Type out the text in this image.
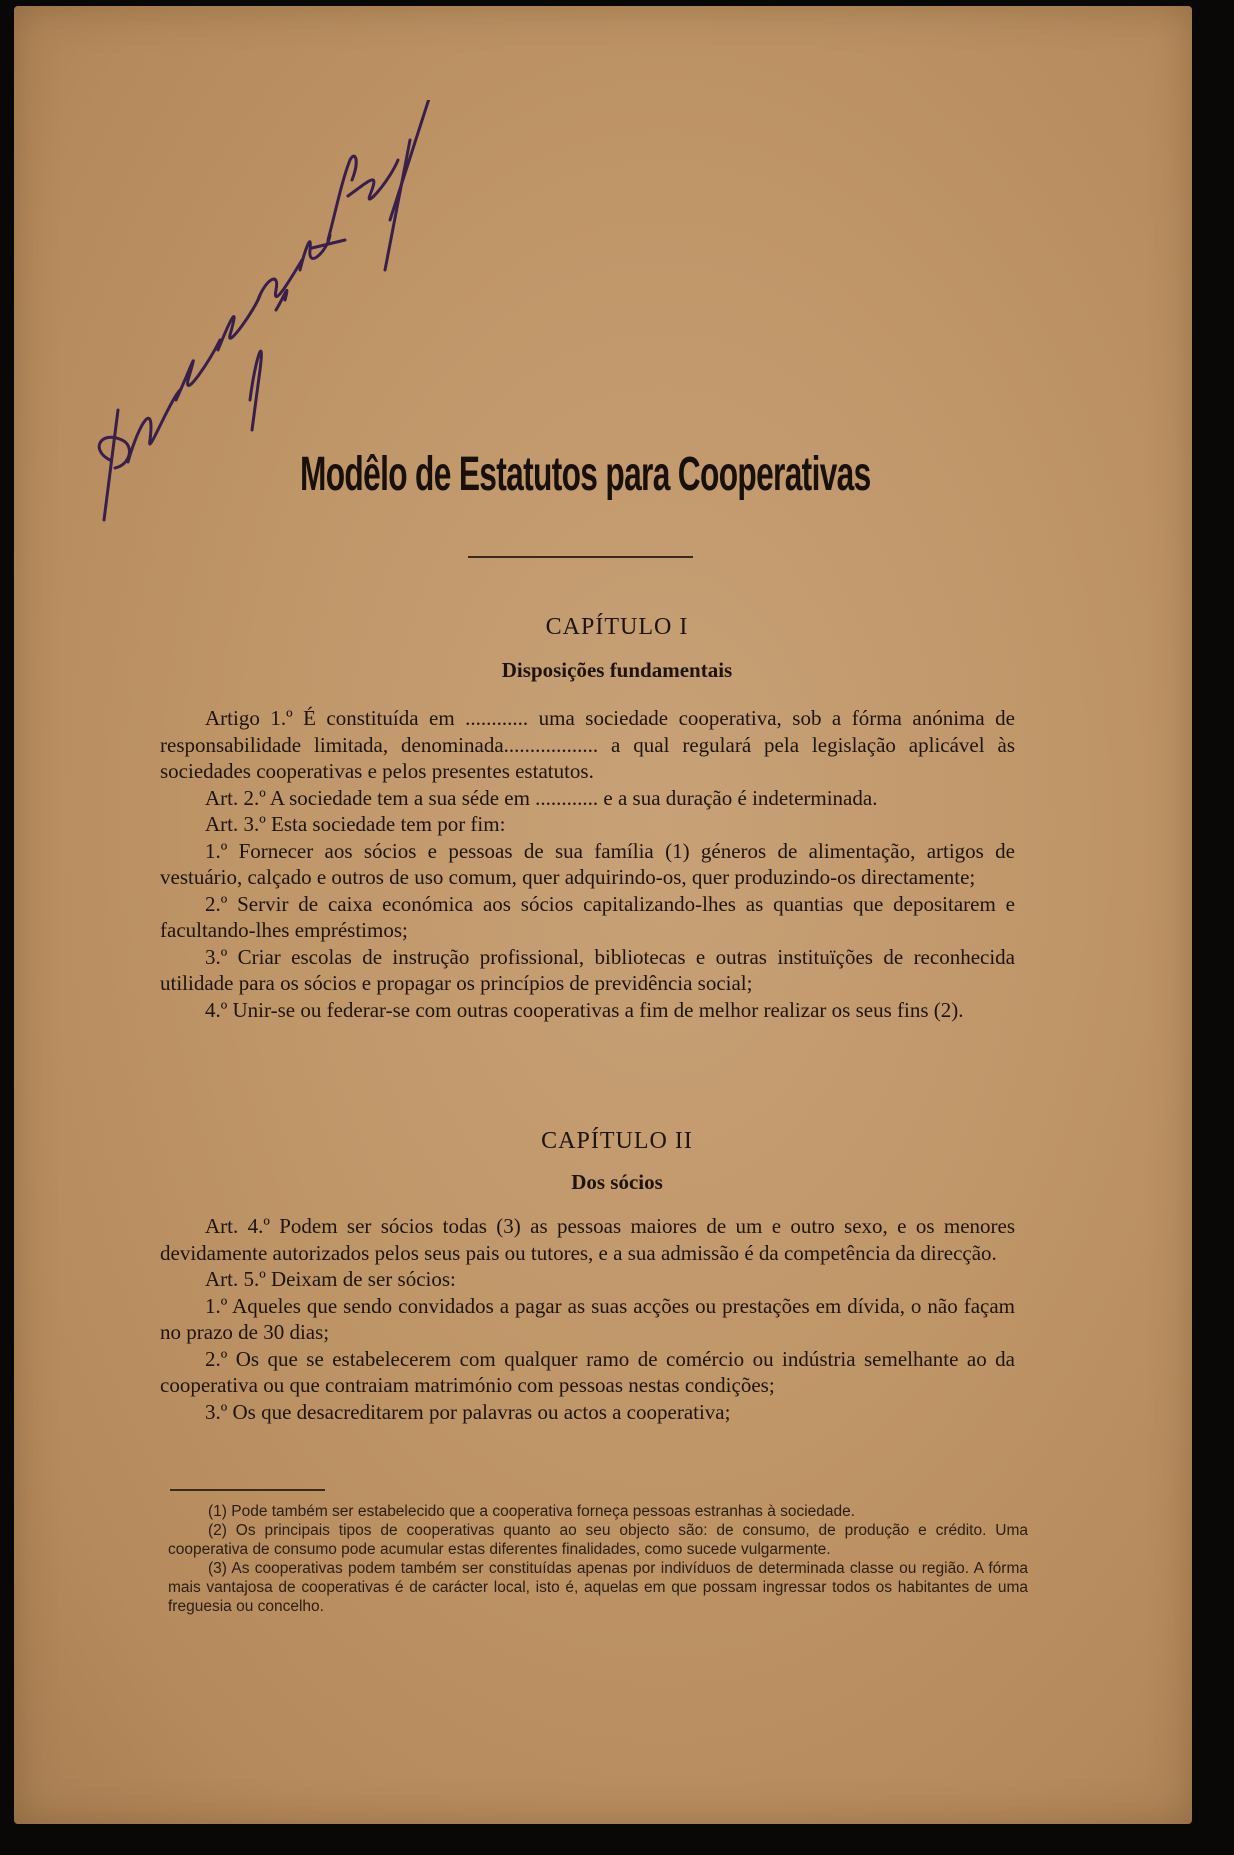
Modêlo de Estatutos para Cooperativas
CAPÍTULO I
Disposições fundamentais

Artigo 1.º É constituída em ............ uma sociedade cooperativa, sob a fórma anónima de responsabilidade limitada, denominada.................. a qual regulará pela legislação aplicável às sociedades cooperativas e pelos presentes estatutos.

Art. 2.º A sociedade tem a sua séde em ............ e a sua duração é indeterminada.

Art. 3.º Esta sociedade tem por fim:

1.º Fornecer aos sócios e pessoas de sua família (1) géneros de alimentação, artigos de vestuário, calçado e outros de uso comum, quer adquirindo-os, quer produzindo-os directamente;

2.º Servir de caixa económica aos sócios capitalizando-lhes as quantias que depositarem e facultando-lhes empréstimos;

3.º Criar escolas de instrução profissional, bibliotecas e outras instituïções de reconhecida utilidade para os sócios e propagar os princípios de previdência social;

4.º Unir-se ou federar-se com outras cooperativas a fim de melhor realizar os seus fins (2).

CAPÍTULO II
Dos sócios

Art. 4.º Podem ser sócios todas (3) as pessoas maiores de um e outro sexo, e os menores devidamente autorizados pelos seus pais ou tutores, e a sua admissão é da competência da direcção.

Art. 5.º Deixam de ser sócios:

1.º Aqueles que sendo convidados a pagar as suas acções ou prestações em dívida, o não façam no prazo de 30 dias;

2.º Os que se estabelecerem com qualquer ramo de comércio ou indústria semelhante ao da cooperativa ou que contraiam matrimónio com pessoas nestas condições;

3.º Os que desacreditarem por palavras ou actos a cooperativa;

(1) Pode também ser estabelecido que a cooperativa forneça pessoas estranhas à sociedade.

(2) Os principais tipos de cooperativas quanto ao seu objecto são: de consumo, de produção e crédito. Uma cooperativa de consumo pode acumular estas diferentes finalidades, como sucede vulgarmente.

(3) As cooperativas podem também ser constituídas apenas por indivíduos de determinada classe ou região. A fórma mais vantajosa de cooperativas é de carácter local, isto é, aquelas em que possam ingressar todos os habitantes de uma freguesia ou concelho.
